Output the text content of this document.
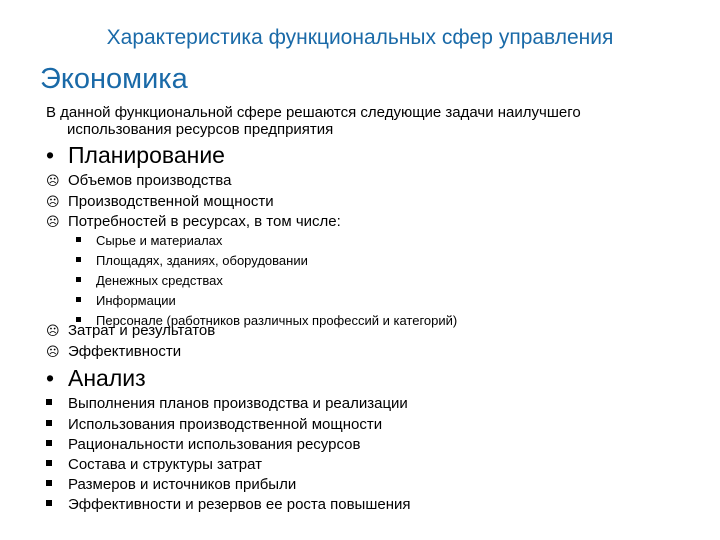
Характеристика функциональных сфер управления
Экономика
В данной функциональной сфере решаются следующие задачи наилучшего
использования ресурсов предприятия
• Планирование
☹ Объемов производства
☹ Производственной мощности
☹ Потребностей в ресурсах, в том числе:
Сырье и материалах
Площадях, зданиях, оборудовании
Денежных средствах
Информации
Персонале (работников различных профессий и категорий)
☹ Затрат и результатов
☹ Эффективности
• Анализ
Выполнения планов производства и реализации
Использования производственной мощности
Рациональности использования ресурсов
Состава и структуры затрат
Размеров и источников прибыли
Эффективности и резервов ее роста повышения
